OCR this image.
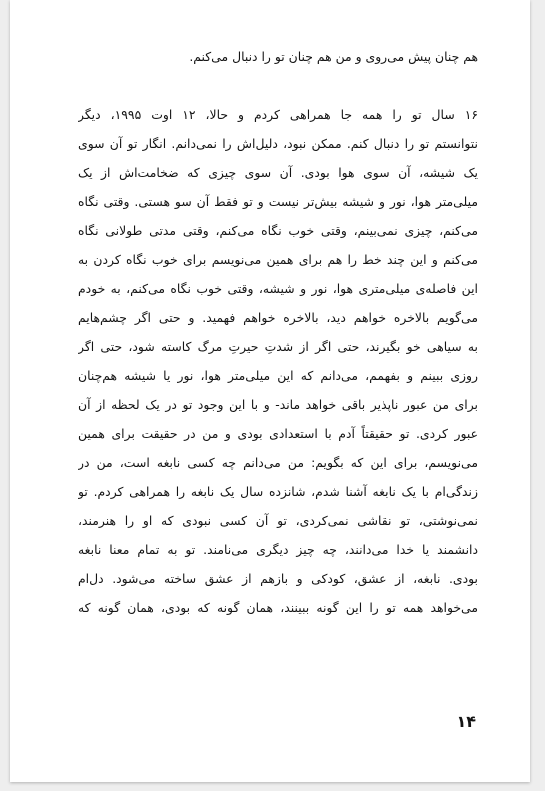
هم چنان پیش می‌روی و من هم چنان تو را دنبال می‌کنم.
۱۶ سال تو را همه جا همراهی کردم و حالا، ۱۲ اوت ۱۹۹۵، دیگر
نتوانستم تو را دنبال کنم. ممکن نبود، دلیل‌اش را نمی‌دانم. انگار تو آن سوی
یک شیشه، آن سوی هوا بودی. آن سوی چیزی که ضخامت‌اش از یک
میلی‌متر هوا، نور و شیشه بیش‌تر نیست و تو فقط آن سو هستی. وقتی نگاه
می‌کنم، چیزی نمی‌بینم، وقتی خوب نگاه می‌کنم، وقتی مدتی طولانی نگاه
می‌کنم و این چند خط را هم برای همین می‌نویسم برای خوب نگاه کردن به
این فاصله‌ی میلی‌متری هوا، نور و شیشه، وقتی خوب نگاه می‌کنم، به خودم
می‌گویم بالاخره خواهم دید، بالاخره خواهم فهمید. و حتی اگر چشم‌هایم
به سیاهی خو بگیرند، حتی اگر از شدتِ حیرتِ مرگ کاسته شود، حتی اگر
روزی ببینم و بفهمم، می‌دانم که این میلی‌متر هوا، نور یا شیشه هم‌چنان
برای من عبور ناپذیر باقی خواهد ماند- و با این وجود تو در یک لحظه از آن
عبور کردی. تو حقیقتاً آدم با استعدادی بودی و من در حقیقت برای همین
می‌نویسم، برای این که بگویم: من می‌دانم چه کسی نابغه است، من در
زندگی‌ام با یک نابغه آشنا شدم، شانزده سال یک نابغه را همراهی کردم. تو
نمی‌نوشتی، تو نقاشی نمی‌کردی، تو آن کسی نبودی که او را هنرمند،
دانشمند یا خدا می‌دانند، چه چیز دیگری می‌نامند. تو به تمام معنا نابغه
بودی. نابغه، از عشق، کودکی و بازهم از عشق ساخته می‌شود. دل‌ام
می‌خواهد همه تو را این گونه ببینند، همان گونه که بودی، همان گونه که
۱۴
